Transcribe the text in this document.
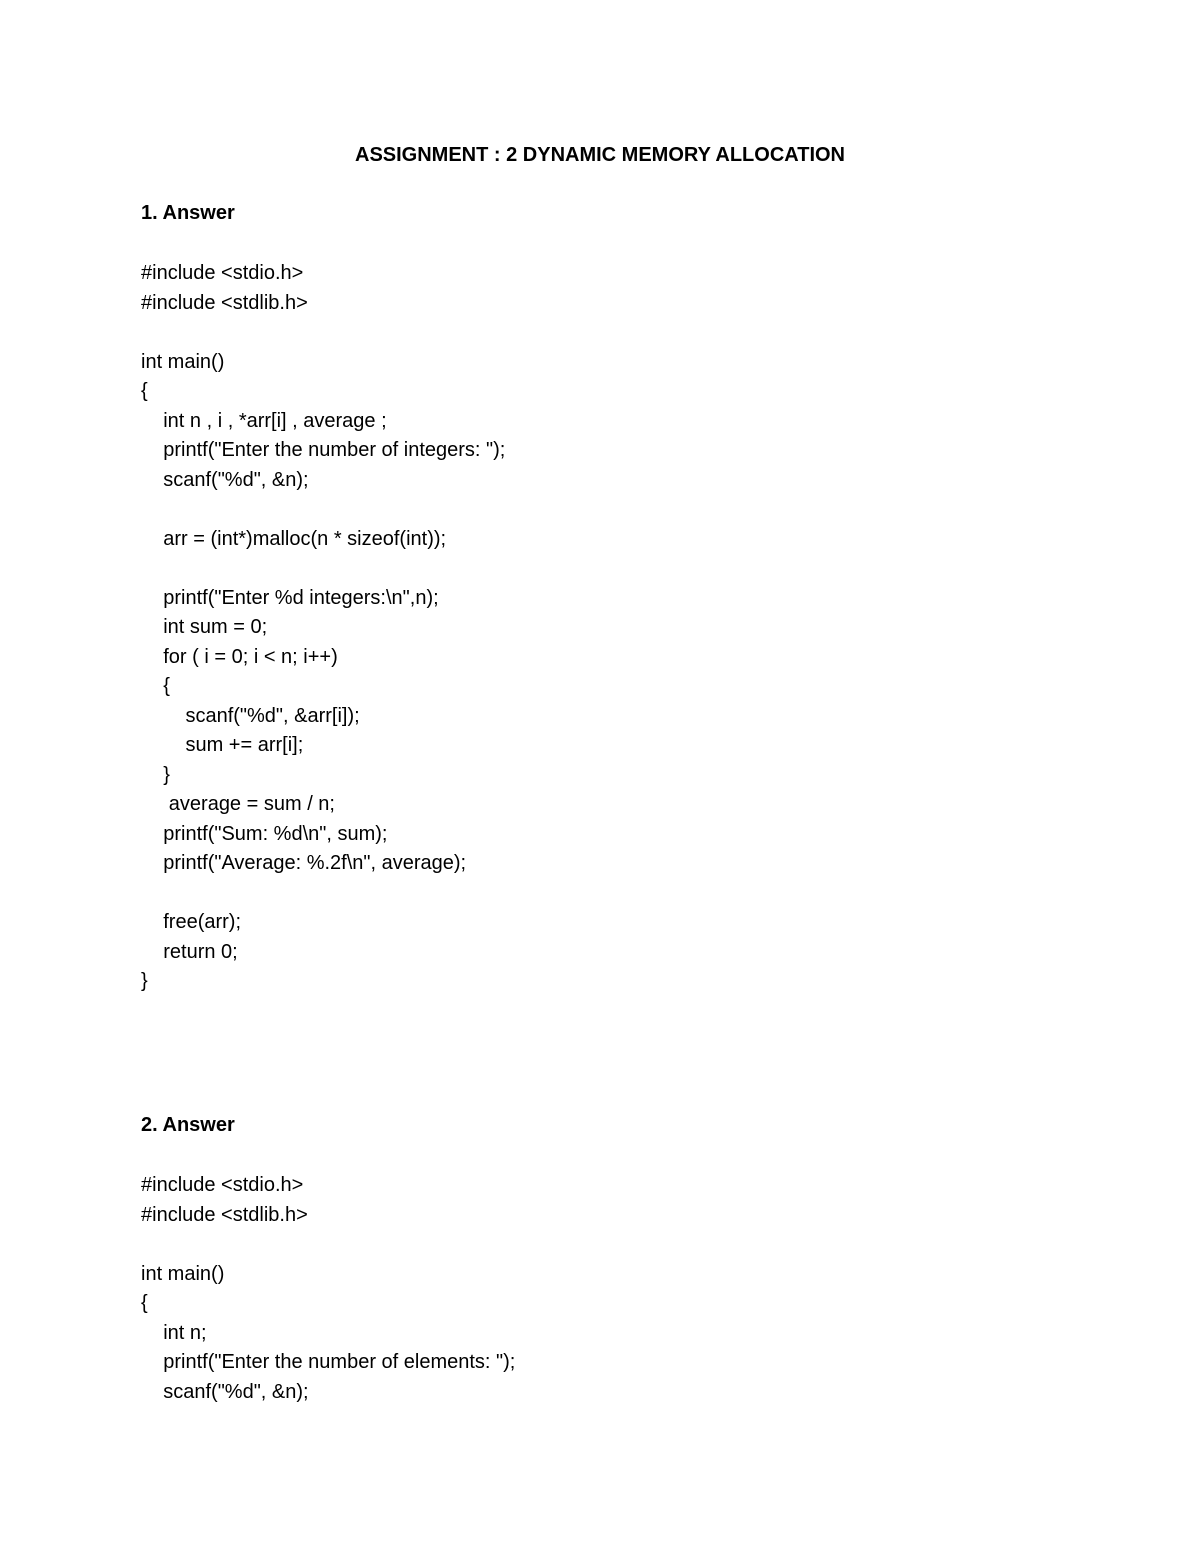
ASSIGNMENT : 2 DYNAMIC MEMORY ALLOCATION
1. Answer
#include <stdio.h>
#include <stdlib.h>
int main()
{
int n , i , *arr[i] , average ;
printf("Enter the number of integers: ");
scanf("%d", &n);
arr = (int*)malloc(n * sizeof(int));
printf("Enter %d integers:\n",n);
int sum = 0;
for ( i = 0; i < n; i++)
{
scanf("%d", &arr[i]);
sum += arr[i];
}
average = sum / n;
printf("Sum: %d\n", sum);
printf("Average: %.2f\n", average);
free(arr);
return 0;
}
2. Answer
#include <stdio.h>
#include <stdlib.h>
int main()
{
int n;
printf("Enter the number of elements: ");
scanf("%d", &n);
